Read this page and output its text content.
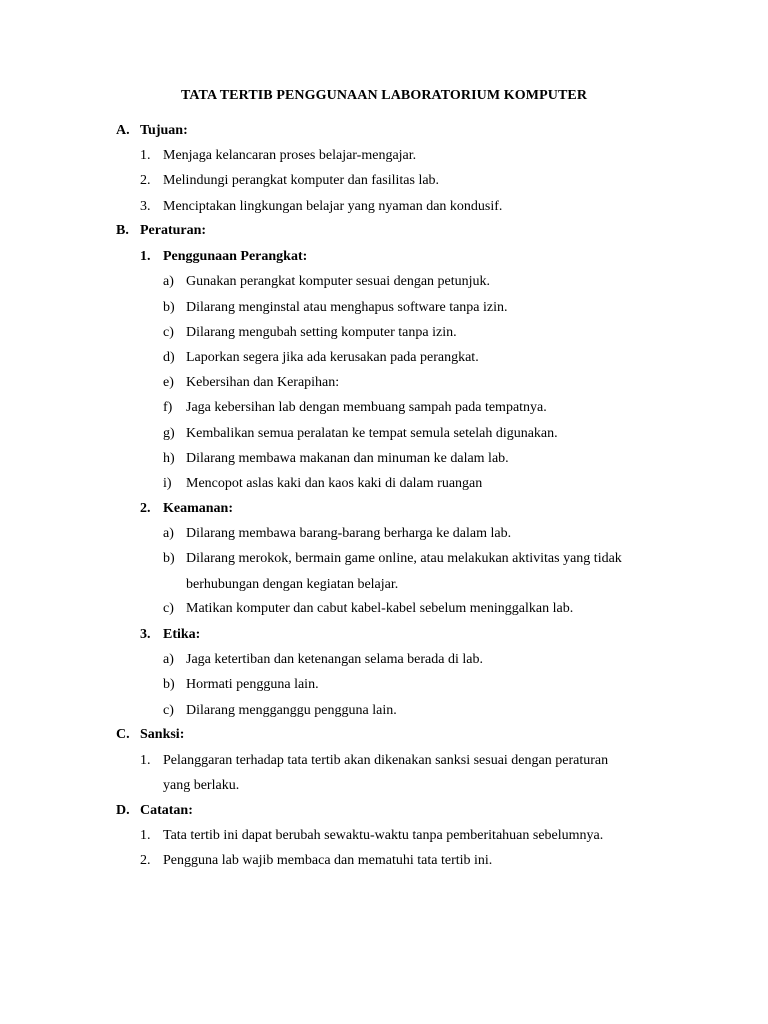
TATA TERTIB PENGGUNAAN LABORATORIUM KOMPUTER
A. Tujuan:
1. Menjaga kelancaran proses belajar-mengajar.
2. Melindungi perangkat komputer dan fasilitas lab.
3. Menciptakan lingkungan belajar yang nyaman dan kondusif.
B. Peraturan:
1. Penggunaan Perangkat:
a) Gunakan perangkat komputer sesuai dengan petunjuk.
b) Dilarang menginstal atau menghapus software tanpa izin.
c) Dilarang mengubah setting komputer tanpa izin.
d) Laporkan segera jika ada kerusakan pada perangkat.
e) Kebersihan dan Kerapihan:
f) Jaga kebersihan lab dengan membuang sampah pada tempatnya.
g) Kembalikan semua peralatan ke tempat semula setelah digunakan.
h) Dilarang membawa makanan dan minuman ke dalam lab.
i) Mencopot aslas kaki dan kaos kaki di dalam ruangan
2. Keamanan:
a) Dilarang membawa barang-barang berharga ke dalam lab.
b) Dilarang merokok, bermain game online, atau melakukan aktivitas yang tidak
berhubungan dengan kegiatan belajar.
c) Matikan komputer dan cabut kabel-kabel sebelum meninggalkan lab.
3. Etika:
a) Jaga ketertiban dan ketenangan selama berada di lab.
b) Hormati pengguna lain.
c) Dilarang mengganggu pengguna lain.
C. Sanksi:
1. Pelanggaran terhadap tata tertib akan dikenakan sanksi sesuai dengan peraturan
yang berlaku.
D. Catatan:
1. Tata tertib ini dapat berubah sewaktu-waktu tanpa pemberitahuan sebelumnya.
2. Pengguna lab wajib membaca dan mematuhi tata tertib ini.
